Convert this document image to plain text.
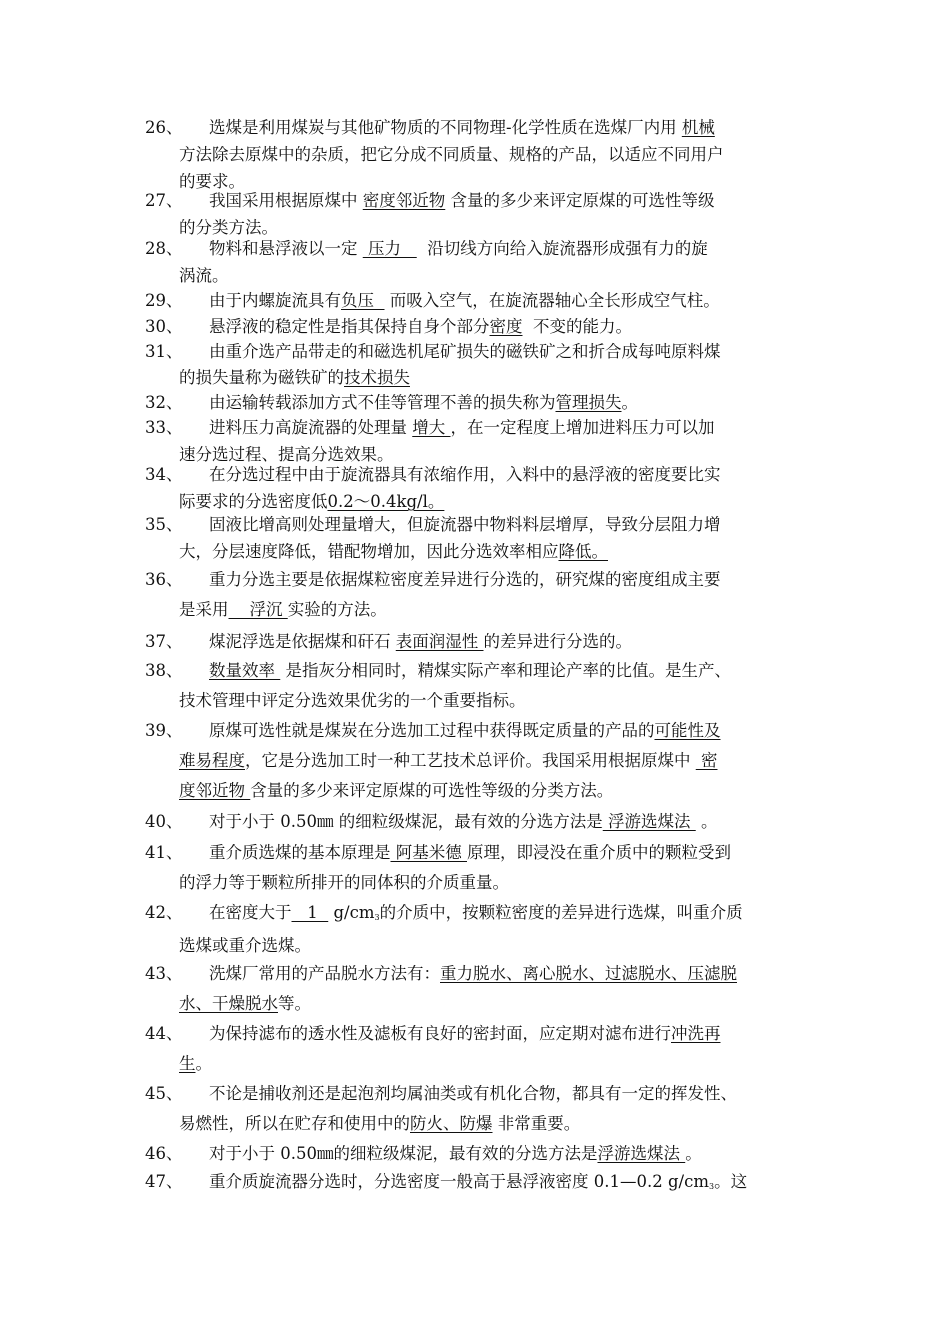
26、	选煤是利用煤炭与其他矿物质的不同物理-化学性质在选煤厂内用 机械
方法除去原煤中的杂质，把它分成不同质量、规格的产品，以适应不同用户
的要求。
27、	我国采用根据原煤中 密度邻近物 含量的多少来评定原煤的可选性等级
的分类方法。
28、	物料和悬浮液以一定  压力     沿切线方向给入旋流器形成强有力的旋
涡流。
29、	由于内螺旋流具有负压   而吸入空气，在旋流器轴心全长形成空气柱。
30、	悬浮液的稳定性是指其保持自身个部分密度  不变的能力。
31、	由重介选产品带走的和磁选机尾矿损失的磁铁矿之和折合成每吨原料煤
的损失量称为磁铁矿的技术损失
32、	由运输转载添加方式不佳等管理不善的损失称为管理损失。
33、	进料压力高旋流器的处理量 增大 ，在一定程度上增加进料压力可以加
速分选过程、提高分选效果。
34、	在分选过程中由于旋流器具有浓缩作用，入料中的悬浮液的密度要比实
际要求的分选密度低0.2～0.4kg/l。
35、	固液比增高则处理量增大，但旋流器中物料料层增厚，导致分层阻力增
大，分层速度降低，错配物增加，因此分选效率相应降低。
36、	重力分选主要是依据煤粒密度差异进行分选的，研究煤的密度组成主要
是采用    浮沉 实验的方法。
37、	煤泥浮选是依据煤和矸石 表面润湿性 的差异进行分选的。
38、	数量效率  是指灰分相同时，精煤实际产率和理论产率的比值。是生产、
技术管理中评定分选效果优劣的一个重要指标。
39、	原煤可选性就是煤炭在分选加工过程中获得既定质量的产品的可能性及
难易程度，它是分选加工时一种工艺技术总评价。我国采用根据原煤中  密
度邻近物 含量的多少来评定原煤的可选性等级的分类方法。
40、	对于小于 0.50㎜ 的细粒级煤泥，最有效的分选方法是 浮游选煤法  。
41、	重介质选煤的基本原理是 阿基米德 原理，即浸没在重介质中的颗粒受到
的浮力等于颗粒所排开的同体积的介质重量。
42、	在密度大于   1   $g/cm^3$的介质中，按颗粒密度的差异进行选煤，叫重介质
选煤或重介选煤。
43、	洗煤厂常用的产品脱水方法有：重力脱水、离心脱水、过滤脱水、压滤脱
水、干燥脱水等。
44、	为保持滤布的透水性及滤板有良好的密封面，应定期对滤布进行冲洗再
生。
45、	不论是捕收剂还是起泡剂均属油类或有机化合物，都具有一定的挥发性、
易燃性，所以在贮存和使用中的防火、防爆 非常重要。
46、	对于小于 0.50㎜的细粒级煤泥，最有效的分选方法是浮游选煤法 。
47、	重介质旋流器分选时，分选密度一般高于悬浮液密度 0.1—0.2 $g/cm^3$。这
